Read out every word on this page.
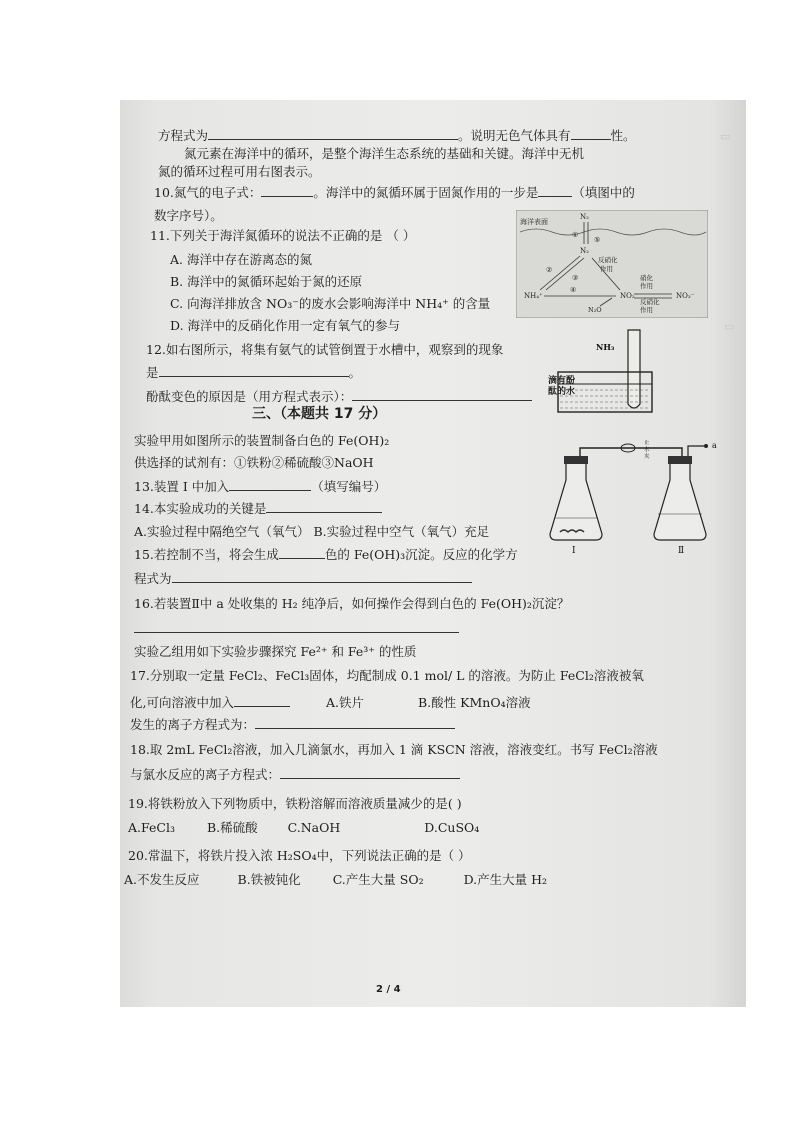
▭
▭
方程式为	。说明无色气体具有	性。
氮元素在海洋中的循环，是整个海洋生态系统的基础和关键。海洋中无机
氮的循环过程可用右图表示。
10.氮气的电子式：	。海洋中的氮循环属于固氮作用的一步是	（填图中的
数字序号）。
11.下列关于海洋氮循环的说法不正确的是 （ ）
A. 海洋中存在游离态的氮
B. 海洋中的氮循环起始于氮的还原
C. 向海洋排放含 NO₃⁻的废水会影响海洋中 NH₄⁺ 的含量
D. 海洋中的反硝化作用一定有氧气的参与
12.如右图所示，将集有氨气的试管倒置于水槽中，观察到的现象
是	。
酚酞变色的原因是（用方程式表示）：
三、（本题共 17 分）
实验甲用如图所示的装置制备白色的 Fe(OH)₂
供选择的试剂有：①铁粉②稀硫酸③NaOH
13.装置 I 中加入	（填写编号）
14.本实验成功的关键是
A.实验过程中隔绝空气（氧气） B.实验过程中空气（氧气）充足
15.若控制不当，将会生成	色的 Fe(OH)₃沉淀。反应的化学方
程式为
16.若装置Ⅱ中 a 处收集的 H₂ 纯净后，如何操作会得到白色的 Fe(OH)₂沉淀？
实验乙组用如下实验步骤探究 Fe²⁺ 和 Fe³⁺ 的性质
17.分别取一定量 FeCl₂、FeCl₃固体，均配制成 0.1 mol/ L 的溶液。为防止 FeCl₂溶液被氧
化,可向溶液中加入	A.铁片	B.酸性 KMnO₄溶液
发生的离子方程式为：
18.取 2mL FeCl₂溶液，加入几滴氯水，再加入 1 滴 KSCN 溶液，溶液变红。书写 FeCl₂溶液
与氯水反应的离子方程式：
19.将铁粉放入下列物质中，铁粉溶解而溶液质量减少的是( )
A.FeCl₃	B.稀硫酸 C.NaOH	D.CuSO₄
20.常温下，将铁片投入浓 H₂SO₄中，下列说法正确的是（ ）
A.不发生反应	B.铁被钝化	C.产生大量 SO₂	D.产生大量 H₂
2 / 4
海洋表面
N₂
N₂
NH₄⁺	NO₂⁻	NO₃⁻
N₂O
反硝化
作用
硝化
作用
反硝化
作用
①
②
③
④
⑤
NH₃
滴有酚
酞的水
a
止
水
夹
Ⅰ	Ⅱ
